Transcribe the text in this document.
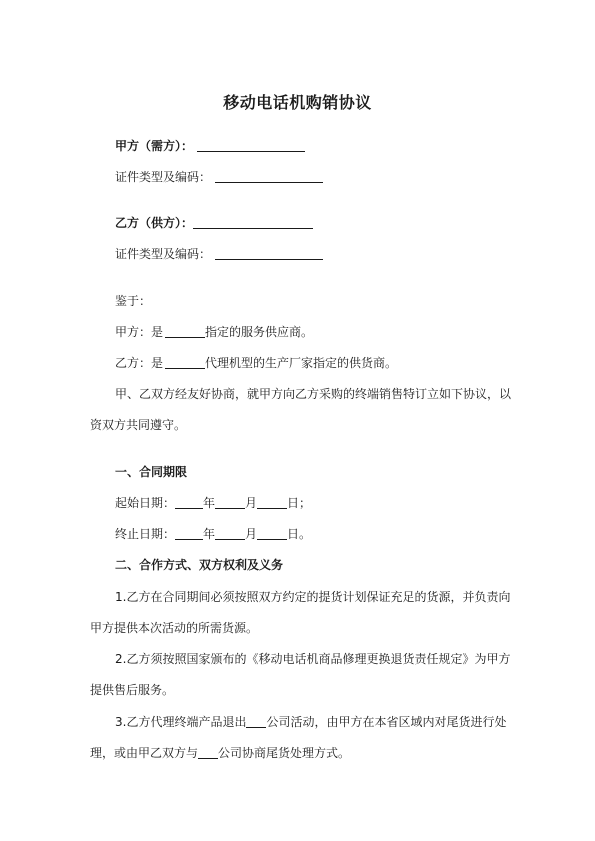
移动电话机购销协议
甲方（需方）：
证件类型及编码：
乙方（供方）：
证件类型及编码：
鉴于：
甲方：是	指定的服务供应商。
乙方：是	代理机型的生产厂家指定的供货商。
甲、乙双方经友好协商，就甲方向乙方采购的终端销售特订立如下协议，以
资双方共同遵守。
一、合同期限
起始日期： 年	月	日；
终止日期： 年	月	日。
二、合作方式、双方权利及义务
1.乙方在合同期间必须按照双方约定的提货计划保证充足的货源，并负责向
甲方提供本次活动的所需货源。
2.乙方须按照国家颁布的《移动电话机商品修理更换退货责任规定》为甲方
提供售后服务。
3.乙方代理终端产品退出 公司活动，由甲方在本省区域内对尾货进行处
理，或由甲乙双方与 公司协商尾货处理方式。
